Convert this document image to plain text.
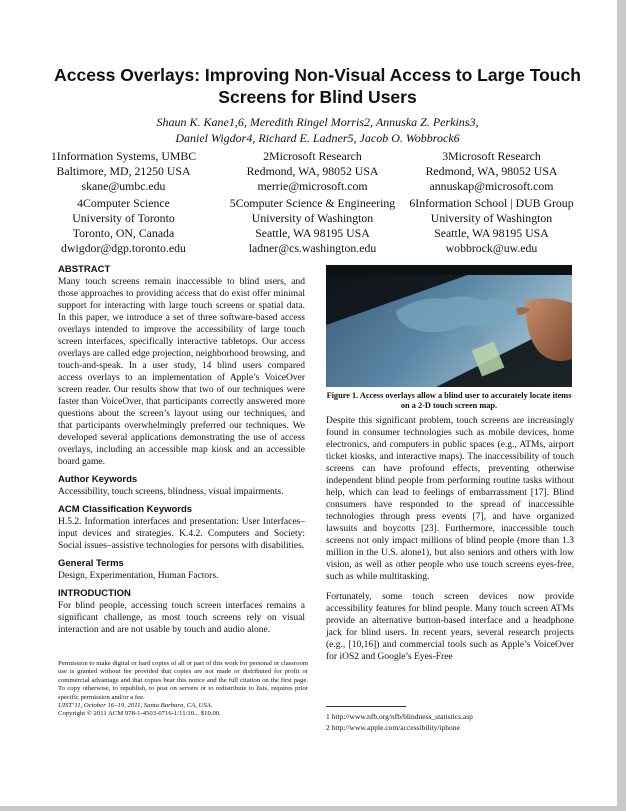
Access Overlays: Improving Non-Visual Access to Large Touch Screens for Blind Users
Shaun K. Kane1,6, Meredith Ringel Morris2, Annuska Z. Perkins3,
Daniel Wigdor4, Richard E. Ladner5, Jacob O. Wobbrock6
1Information Systems, UMBC
Baltimore, MD, 21250 USA
skane@umbc.edu
2Microsoft Research
Redmond, WA, 98052 USA
merrie@microsoft.com
3Microsoft Research
Redmond, WA, 98052 USA
annuskap@microsoft.com
4Computer Science
University of Toronto
Toronto, ON, Canada
dwigdor@dgp.toronto.edu
5Computer Science & Engineering
University of Washington
Seattle, WA 98195 USA
ladner@cs.washington.edu
6Information School | DUB Group
University of Washington
Seattle, WA 98195 USA
wobbrock@uw.edu
ABSTRACT

Many touch screens remain inaccessible to blind users, and those approaches to providing access that do exist offer minimal support for interacting with large touch screens or spatial data. In this paper, we introduce a set of three software-based access overlays intended to improve the accessibility of large touch screen interfaces, specifically interactive tabletops. Our access overlays are called edge projection, neighborhood browsing, and touch-and-speak. In a user study, 14 blind users compared access overlays to an implementation of Apple’s VoiceOver screen reader. Our results show that two of our techniques were faster than VoiceOver, that participants correctly answered more questions about the screen’s layout using our techniques, and that participants overwhelmingly preferred our techniques. We developed several applications demonstrating the use of access overlays, including an accessible map kiosk and an accessible board game.

Author Keywords

Accessibility, touch screens, blindness, visual impairments.

ACM Classification Keywords

H.5.2. Information interfaces and presentation: User Interfaces–input devices and strategies. K.4.2. Computers and Society: Social issues–assistive technologies for persons with disabilities.

General Terms

Design, Experimentation, Human Factors.

INTRODUCTION

For blind people, accessing touch screen interfaces remains a significant challenge, as most touch screens rely on visual interaction and are not usable by touch and audio alone.

Permission to make digital or hard copies of all or part of this work for personal or classroom use is granted without fee provided that copies are not made or distributed for profit or commercial advantage and that copies bear this notice and the full citation on the first page. To copy otherwise, to republish, to post on servers or to redistribute to lists, requires prior specific permission and/or a fee.
UIST’11, October 16–19, 2011, Santa Barbara, CA, USA.
Copyright © 2011 ACM 978-1-4503-0716-1/11/10... $10.00.
Figure 1. Access overlays allow a blind user to accurately locate items on a 2-D touch screen map.

Despite this significant problem, touch screens are increasingly found in consumer technologies such as mobile devices, home electronics, and computers in public spaces (e.g., ATMs, airport ticket kiosks, and interactive maps). The inaccessibility of touch screens can have profound effects, preventing otherwise independent blind people from performing routine tasks without help, which can lead to feelings of embarrassment [17]. Blind consumers have responded to the spread of inaccessible technologies through press events [7], and have organized lawsuits and boycotts [23]. Furthermore, inaccessible touch screens not only impact millions of blind people (more than 1.3 million in the U.S. alone1), but also seniors and others with low vision, as well as other people who use touch screens eyes-free, such as while multitasking.

Fortunately, some touch screen devices now provide accessibility features for blind people. Many touch screen ATMs provide an alternative button-based interface and a headphone jack for blind users. In recent years, several research projects (e.g., [10,16]) and commercial tools such as Apple’s VoiceOver for iOS2 and Google’s Eyes-Free

1 http://www.nfb.org/nfb/blindness_statistics.asp
2 http://www.apple.com/accessibility/iphone
